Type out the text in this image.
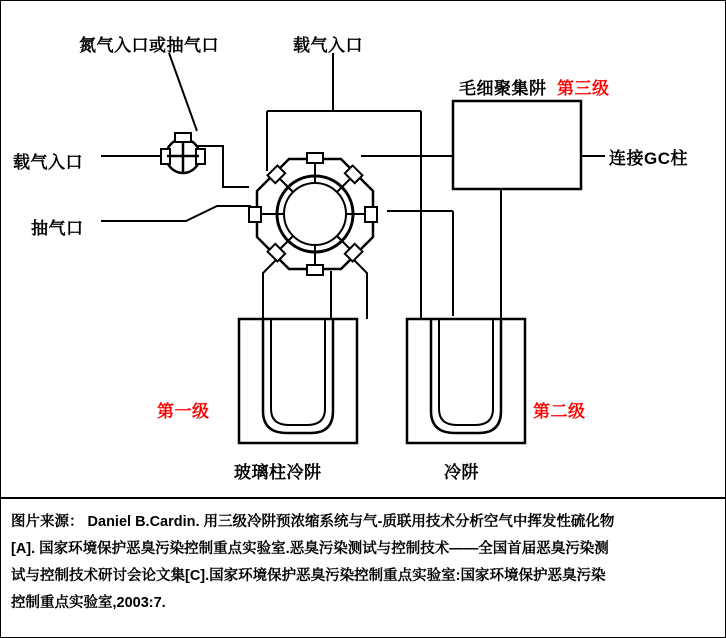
氮气入口或抽气口	载气入口
毛细聚集阱 第三级
载气入口	连接GC柱
抽气口
第一级	第二级
玻璃柱冷阱	冷阱
图片来源： Daniel B.Cardin. 用三级冷阱预浓缩系统与气-质联用技术分析空气中挥发性硫化物
[A]. 国家环境保护恶臭污染控制重点实验室.恶臭污染测试与控制技术——全国首届恶臭污染测
试与控制技术研讨会论文集[C].国家环境保护恶臭污染控制重点实验室:国家环境保护恶臭污染
控制重点实验室,2003:7.
